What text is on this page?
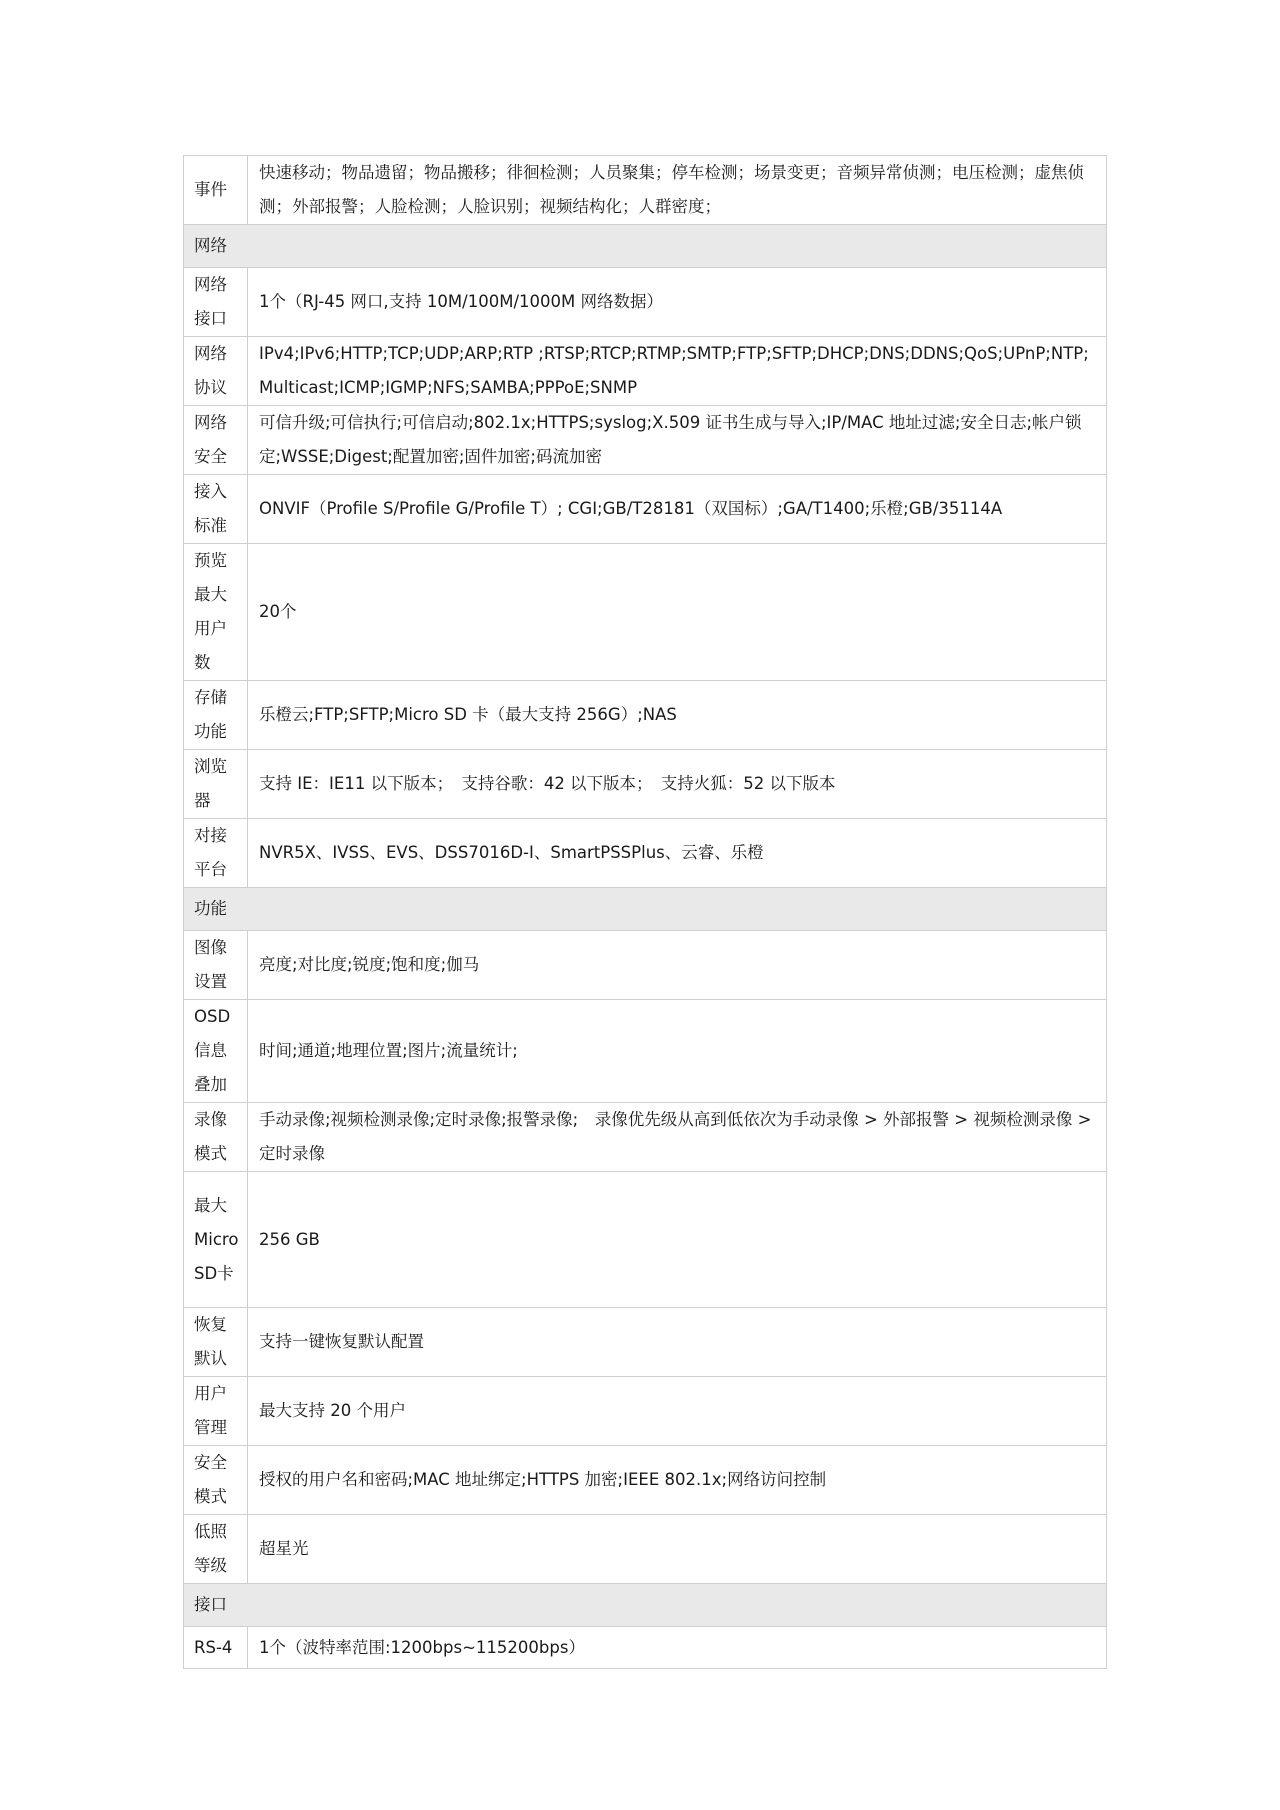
事件	快速移动；物品遗留；物品搬移；徘徊检测；人员聚集；停车检测；场景变更；音频异常侦测；电压检测；虚焦侦测；外部报警；人脸检测；人脸识别；视频结构化；人群密度；
网络	
网络接口	1个（RJ-45 网口,支持 10M/100M/1000M 网络数据）
网络协议	IPv4;IPv6;HTTP;TCP;UDP;ARP;RTP ;RTSP;RTCP;RTMP;SMTP;FTP;SFTP;DHCP;DNS;DDNS;QoS;UPnP;NTP;Multicast;ICMP;IGMP;NFS;SAMBA;PPPoE;SNMP
网络安全	可信升级;可信执行;可信启动;802.1x;HTTPS;syslog;X.509 证书生成与导入;IP/MAC 地址过滤;安全日志;帐户锁定;WSSE;Digest;配置加密;固件加密;码流加密
接入标准	ONVIF（Profile S/Profile G/Profile T）; CGI;GB/T28181（双国标）;GA/T1400;乐橙;GB/35114A
预览最大用户数	20个
存储功能	乐橙云;FTP;SFTP;Micro SD 卡（最大支持 256G）;NAS
浏览器	支持 IE：IE11 以下版本；　支持谷歌：42 以下版本；　支持火狐：52 以下版本
对接平台	NVR5X、IVSS、EVS、DSS7016D-I、SmartPSSPlus、云睿、乐橙
功能	
图像设置	亮度;对比度;锐度;饱和度;伽马
OSD信息叠加	时间;通道;地理位置;图片;流量统计;
录像模式	手动录像;视频检测录像;定时录像;报警录像;　录像优先级从高到低依次为手动录像 > 外部报警 > 视频检测录像 > 定时录像
最大Micro SD卡	256 GB
恢复默认	支持一键恢复默认配置
用户管理	最大支持 20 个用户
安全模式	授权的用户名和密码;MAC 地址绑定;HTTPS 加密;IEEE 802.1x;网络访问控制
低照等级	超星光
接口	
RS-4	1个（波特率范围:1200bps~115200bps）
